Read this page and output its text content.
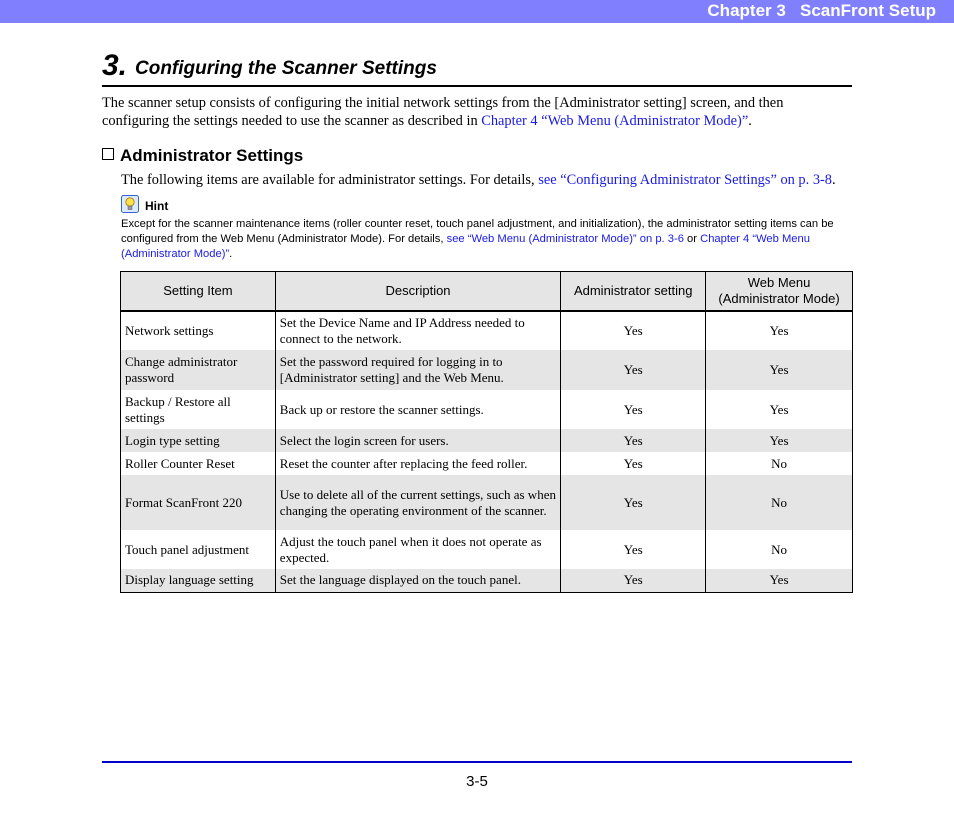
Chapter 3   ScanFront Setup
3. Configuring the Scanner Settings
The scanner setup consists of configuring the initial network settings from the [Administrator setting] screen, and then configuring the settings needed to use the scanner as described in Chapter 4 “Web Menu (Administrator Mode)”.
Administrator Settings
The following items are available for administrator settings. For details, see “Configuring Administrator Settings” on p. 3-8.
Hint
Except for the scanner maintenance items (roller counter reset, touch panel adjustment, and initialization), the administrator setting items can be configured from the Web Menu (Administrator Mode). For details, see “Web Menu (Administrator Mode)” on p. 3-6 or Chapter 4 “Web Menu (Administrator Mode)”.
Setting Item	Description	Administrator setting	Web Menu
(Administrator Mode)
Network settings	Set the Device Name and IP Address needed to connect to the network.	Yes	Yes
Change administrator password	Set the password required for logging in to [Administrator setting] and the Web Menu.	Yes	Yes
Backup / Restore all settings	Back up or restore the scanner settings.	Yes	Yes
Login type setting	Select the login screen for users.	Yes	Yes
Roller Counter Reset	Reset the counter after replacing the feed roller.	Yes	No
Format ScanFront 220	Use to delete all of the current settings, such as when changing the operating environment of the scanner.	Yes	No
Touch panel adjustment	Adjust the touch panel when it does not operate as expected.	Yes	No
Display language setting	Set the language displayed on the touch panel.	Yes	Yes
3-5
